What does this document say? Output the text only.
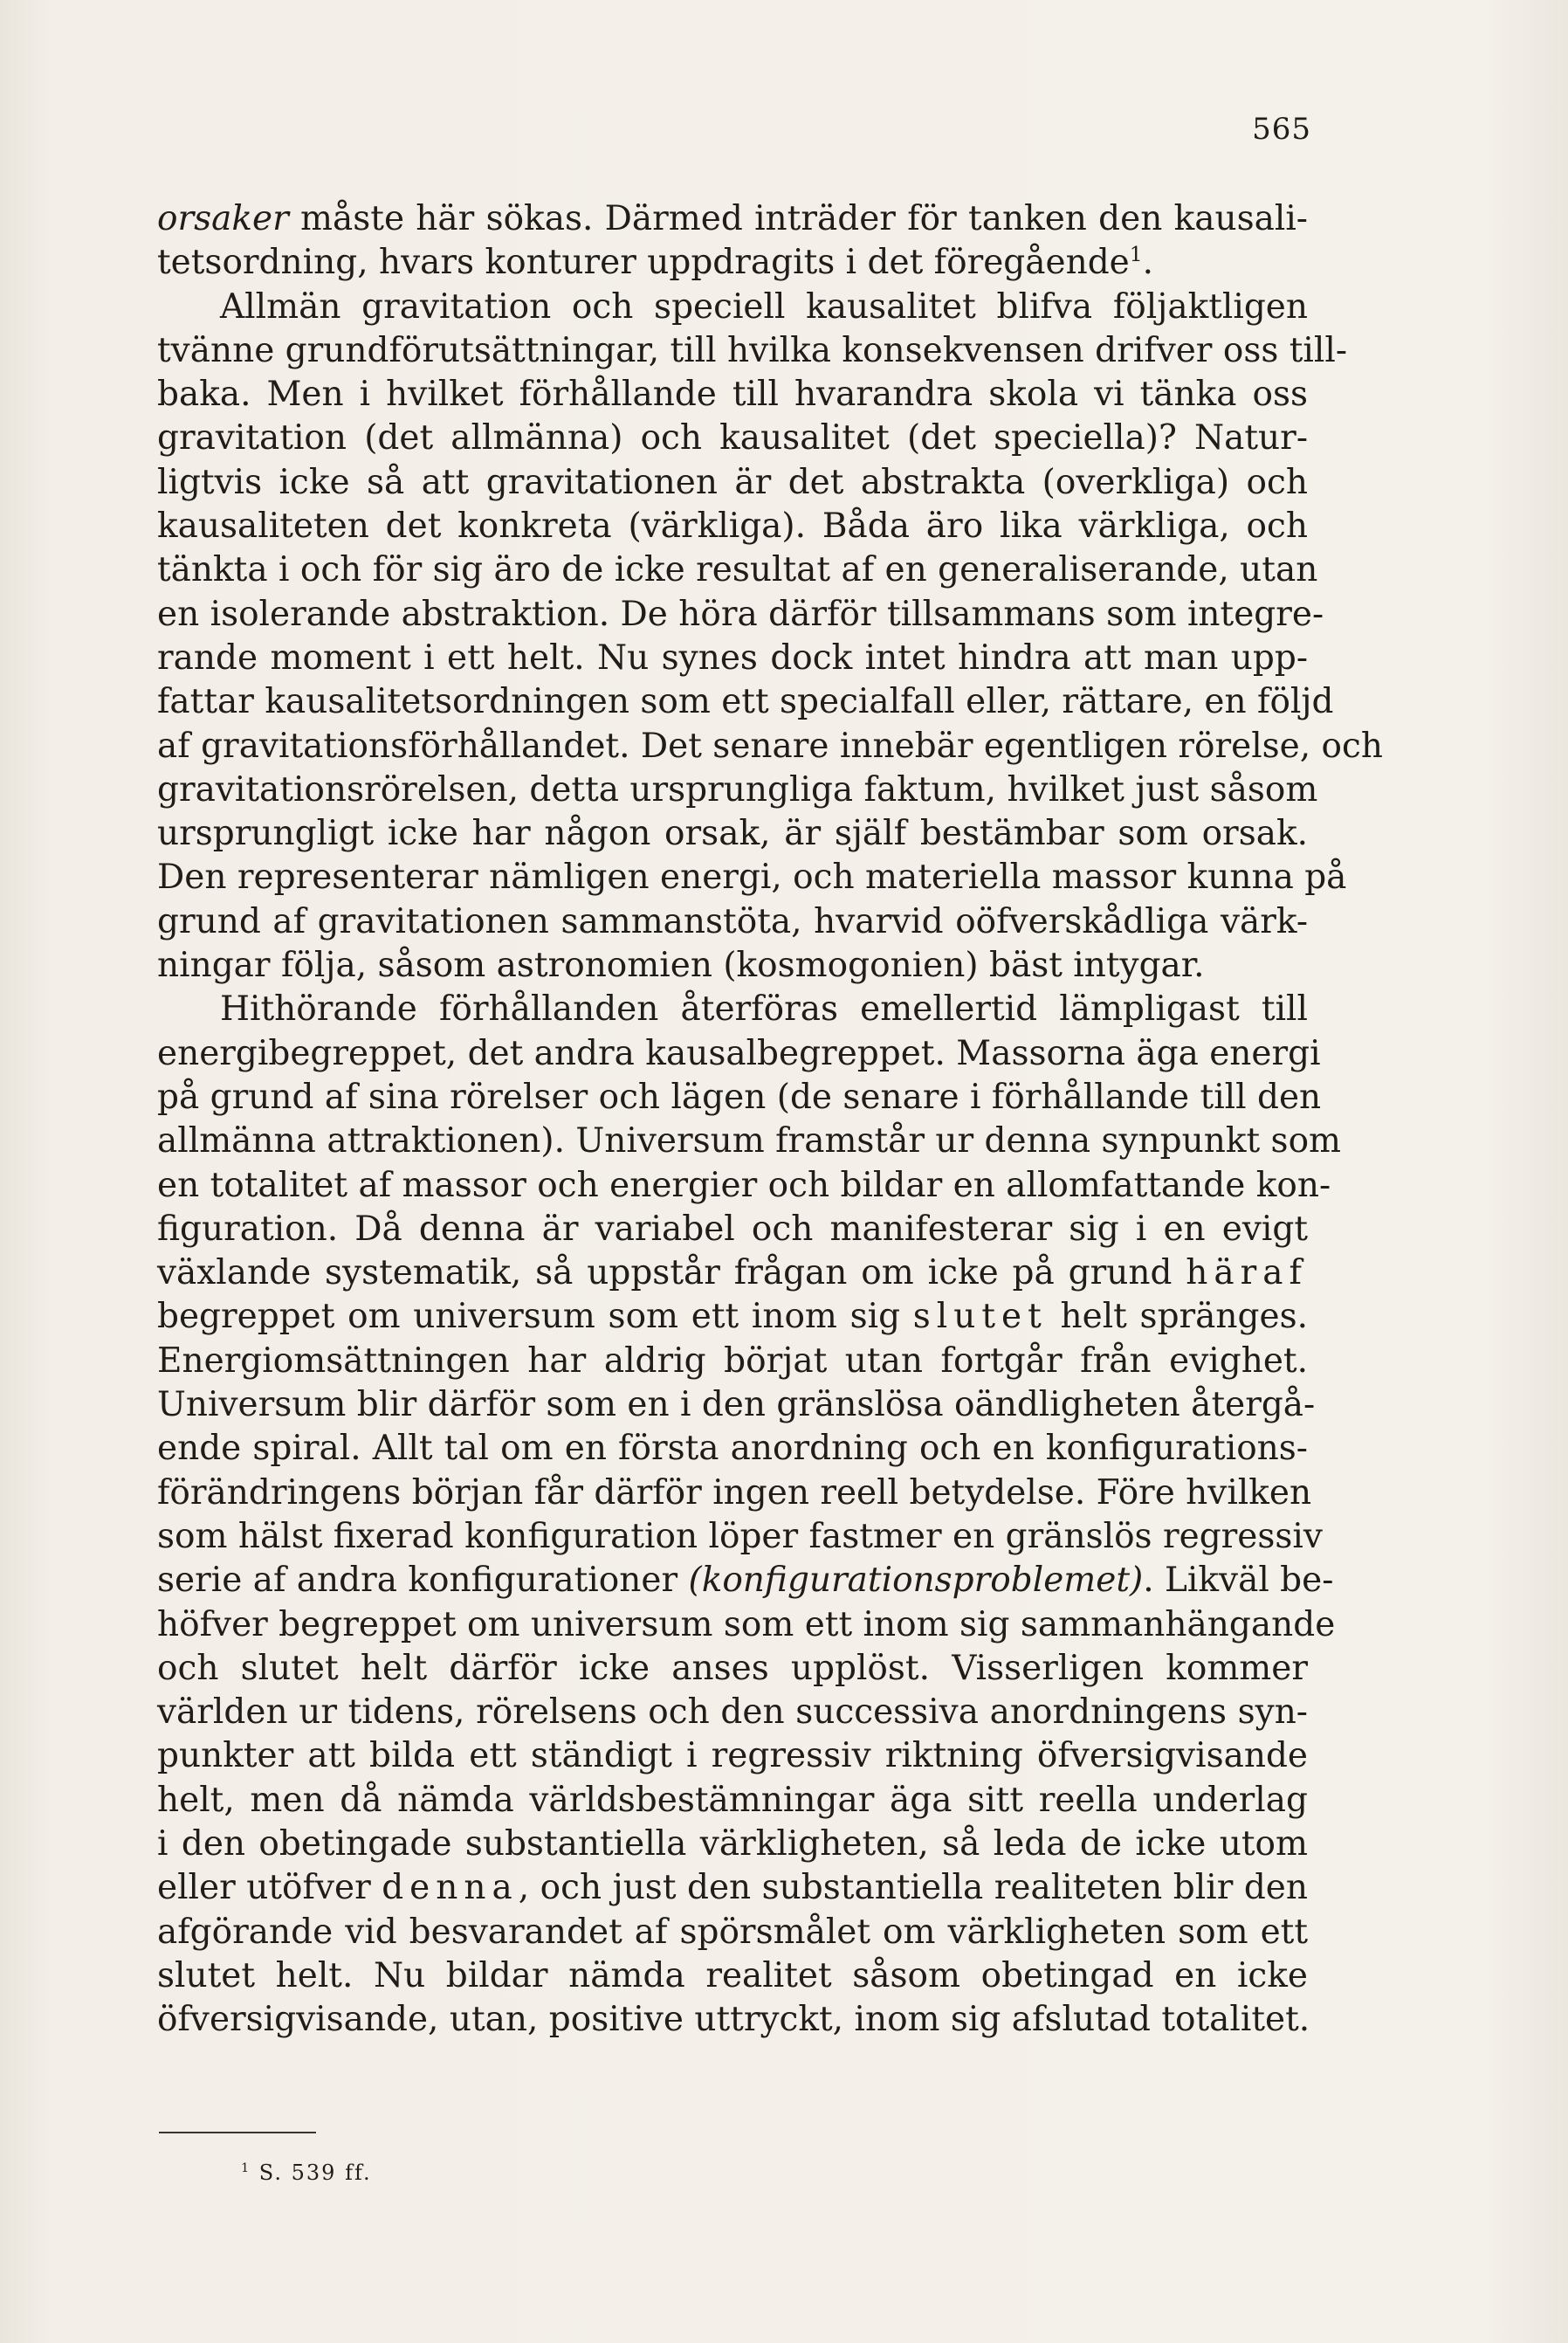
565
orsaker måste här sökas. Därmed inträder för tanken den kausali-
tetsordning, hvars konturer uppdragits i det föregående$^1$.
Allmän gravitation och speciell kausalitet blifva följaktligen
tvänne grundförutsättningar, till hvilka konsekvensen drifver oss till-
baka. Men i hvilket förhållande till hvarandra skola vi tänka oss
gravitation (det allmänna) och kausalitet (det speciella)? Natur-
ligtvis icke så att gravitationen är det abstrakta (overkliga) och
kausaliteten det konkreta (värkliga). Båda äro lika värkliga, och
tänkta i och för sig äro de icke resultat af en generaliserande, utan
en isolerande abstraktion. De höra därför tillsammans som integre-
rande moment i ett helt. Nu synes dock intet hindra att man upp-
fattar kausalitetsordningen som ett specialfall eller, rättare, en följd
af gravitationsförhållandet. Det senare innebär egentligen rörelse, och
gravitationsrörelsen, detta ursprungliga faktum, hvilket just såsom
ursprungligt icke har någon orsak, är själf bestämbar som orsak.
Den representerar nämligen energi, och materiella massor kunna på
grund af gravitationen sammanstöta, hvarvid oöfverskådliga värk-
ningar följa, såsom astronomien (kosmogonien) bäst intygar.
Hithörande förhållanden återföras emellertid lämpligast till
energibegreppet, det andra kausalbegreppet. Massorna äga energi
på grund af sina rörelser och lägen (de senare i förhållande till den
allmänna attraktionen). Universum framstår ur denna synpunkt som
en totalitet af massor och energier och bildar en allomfattande kon-
figuration. Då denna är variabel och manifesterar sig i en evigt
växlande systematik, så uppstår frågan om icke på grund häraf
begreppet om universum som ett inom sig slutet helt spränges.
Energiomsättningen har aldrig börjat utan fortgår från evighet.
Universum blir därför som en i den gränslösa oändligheten återgå-
ende spiral. Allt tal om en första anordning och en konfigurations-
förändringens början får därför ingen reell betydelse. Före hvilken
som hälst fixerad konfiguration löper fastmer en gränslös regressiv
serie af andra konfigurationer (konfigurationsproblemet). Likväl be-
höfver begreppet om universum som ett inom sig sammanhängande
och slutet helt därför icke anses upplöst. Visserligen kommer
världen ur tidens, rörelsens och den successiva anordningens syn-
punkter att bilda ett ständigt i regressiv riktning öfversigvisande
helt, men då nämda världsbestämningar äga sitt reella underlag
i den obetingade substantiella värkligheten, så leda de icke utom
eller utöfver denna, och just den substantiella realiteten blir den
afgörande vid besvarandet af spörsmålet om värkligheten som ett
slutet helt. Nu bildar nämda realitet såsom obetingad en icke
öfversigvisande, utan, positive uttryckt, inom sig afslutad totalitet.
$^1$ S. 539 ff.
